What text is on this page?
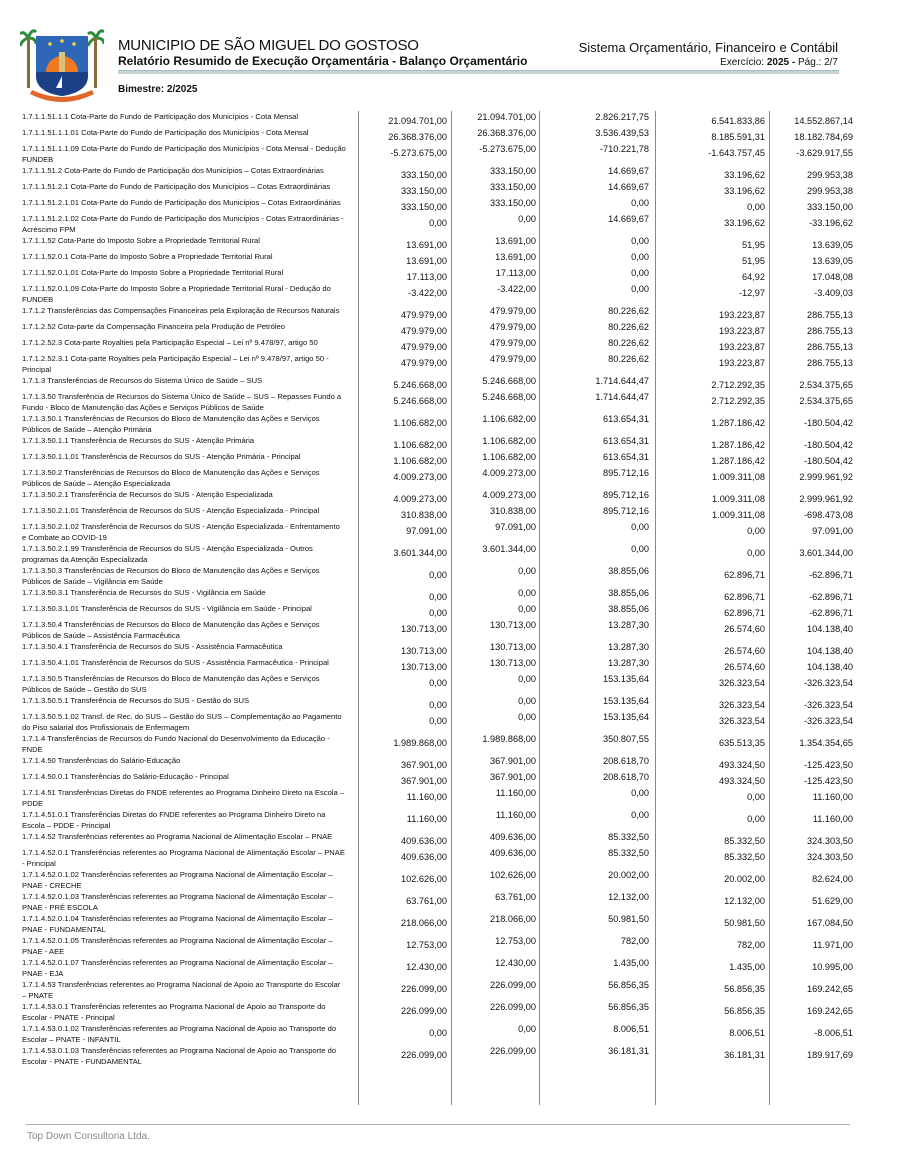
MUNICIPIO DE SÃO MIGUEL DO GOSTOSO
Relatório Resumido de Execução Orçamentária - Balanço Orçamentário
Sistema Orçamentário, Financeiro e Contábil
Exercício: 2025 - Pág.: 2/7
Bimestre: 2/2025
1.7.1.1.51.1.1 Cota-Parte do Fundo de Participação dos Municípios - Cota Mensal	21.094.701,00	21.094.701,00	2.826.217,75	6.541.833,86	14.552.867,14
1.7.1.1.51.1.1.01 Cota-Parte do Fundo de Participação dos Municípios - Cota Mensal	26.368.376,00	26.368.376,00	3.536.439,53	8.185.591,31	18.182.784,69
1.7.1.1.51.1.1.09 Cota-Parte do Fundo de Participação dos Municípios - Cota Mensal - Dedução FUNDEB
-5.273.675,00	-5.273.675,00	-710.221,78	-1.643.757,45	-3.629.917,55
1.7.1.1.51.2 Cota-Parte do Fundo de Participação dos Municípios – Cotas Extraordinárias	333.150,00	333.150,00	14.669,67	33.196,62	299.953,38
1.7.1.1.51.2.1 Cota-Parte do Fundo de Participação dos Municípios – Cotas Extraordinárias	333.150,00	333.150,00	14.669,67	33.196,62	299.953,38
1.7.1.1.51.2.1.01 Cota-Parte do Fundo de Participação dos Municípios – Cotas Extraordinárias	333.150,00	333.150,00	0,00	0,00	333.150,00
1.7.1.1.51.2.1.02 Cota-Parte do Fundo de Participação dos Municípios - Cotas Extraordinárias - Acréscimo FPM
0,00	0,00	14.669,67	33.196,62	-33.196,62
1.7.1.1.52 Cota-Parte do Imposto Sobre a Propriedade Territorial Rural	13.691,00	13.691,00	0,00	51,95	13.639,05
1.7.1.1.52.0.1 Cota-Parte do Imposto Sobre a Propriedade Territorial Rural	13.691,00	13.691,00	0,00	51,95	13.639,05
1.7.1.1.52.0.1.01 Cota-Parte do Imposto Sobre a Propriedade Territorial Rural	17.113,00	17.113,00	0,00	64,92	17.048,08
1.7.1.1.52.0.1.09 Cota-Parte do Imposto Sobre a Propriedade Territorial Rural - Dedução do FUNDEB
-3.422,00	-3.422,00	0,00	-12,97	-3.409,03
1.7.1.2 Transferências das Compensações Financeiras pela Exploração de Recursos Naturais	479.979,00	479.979,00	80.226,62	193.223,87	286.755,13
1.7.1.2.52 Cota-parte da Compensação Financeira pela Produção de Petróleo	479.979,00	479.979,00	80.226,62	193.223,87	286.755,13
1.7.1.2.52.3 Cota-parte Royalties pela Participação Especial – Lei nº 9.478/97, artigo 50	479.979,00	479.979,00	80.226,62	193.223,87	286.755,13
1.7.1.2.52.3.1 Cota-parte Royalties pela Participação Especial – Lei nº 9.478/97, artigo 50 - Principal
479.979,00	479.979,00	80.226,62	193.223,87	286.755,13
1.7.1.3 Transferências de Recursos do Sistema Único de Saúde – SUS	5.246.668,00	5.246.668,00	1.714.644,47	2.712.292,35	2.534.375,65
1.7.1.3.50 Transferência de Recursos do Sistema Único de Saúde – SUS – Repasses Fundo a Fundo - Bloco de Manutenção das Ações e Serviços Públicos de Saúde
5.246.668,00	5.246.668,00	1.714.644,47	2.712.292,35	2.534.375,65
1.7.1.3.50.1 Transferências de Recursos do Bloco de Manutenção das Ações e Serviços Públicos de Saúde – Atenção Primária
1.106.682,00	1.106.682,00	613.654,31	1.287.186,42	-180.504,42
1.7.1.3.50.1.1 Transferência de Recursos do SUS - Atenção Primária	1.106.682,00	1.106.682,00	613.654,31	1.287.186,42	-180.504,42
1.7.1.3.50.1.1.01 Transferência de Recursos do SUS - Atenção Primária - Principal	1.106.682,00	1.106.682,00	613.654,31	1.287.186,42	-180.504,42
1.7.1.3.50.2 Transferências de Recursos do Bloco de Manutenção das Ações e Serviços Públicos de Saúde – Atenção Especializada
4.009.273,00	4.009.273,00	895.712,16	1.009.311,08	2.999.961,92
1.7.1.3.50.2.1 Transferência de Recursos do SUS - Atenção Especializada	4.009.273,00	4.009.273,00	895.712,16	1.009.311,08	2.999.961,92
1.7.1.3.50.2.1.01 Transferência de Recursos do SUS - Atenção Especializada - Principal	310.838,00	310.838,00	895.712,16	1.009.311,08	-698.473,08
1.7.1.3.50.2.1.02 Transferência de Recursos do SUS - Atenção Especializada - Enfrentamento e Combate ao COVID-19
97.091,00	97.091,00	0,00	0,00	97.091,00
1.7.1.3.50.2.1.99 Transferência de Recursos do SUS - Atenção Especializada - Outros programas da Atenção Especializada
3.601.344,00	3.601.344,00	0,00	0,00	3.601.344,00
1.7.1.3.50.3 Transferências de Recursos do Bloco de Manutenção das Ações e Serviços Públicos de Saúde – Vigilância em Saúde
0,00	0,00	38.855,06	62.896,71	-62.896,71
1.7.1.3.50.3.1 Transferência de Recursos do SUS - Vigilância em Saúde	0,00	0,00	38.855,06	62.896,71	-62.896,71
1.7.1.3.50.3.1.01 Transferência de Recursos do SUS - Vigilância em Saúde - Principal	0,00	0,00	38.855,06	62.896,71	-62.896,71
1.7.1.3.50.4 Transferências de Recursos do Bloco de Manutenção das Ações e Serviços Públicos de Saúde – Assistência Farmacêutica
130.713,00	130.713,00	13.287,30	26.574,60	104.138,40
1.7.1.3.50.4.1 Transferência de Recursos do SUS - Assistência Farmacêutica	130.713,00	130.713,00	13.287,30	26.574,60	104.138,40
1.7.1.3.50.4.1.01 Transferência de Recursos do SUS - Assistência Farmacêutica - Principal	130.713,00	130.713,00	13.287,30	26.574,60	104.138,40
1.7.1.3.50.5 Transferências de Recursos do Bloco de Manutenção das Ações e Serviços Públicos de Saúde – Gestão do SUS
0,00	0,00	153.135,64	326.323,54	-326.323,54
1.7.1.3.50.5.1 Transferência de Recursos do SUS - Gestão do SUS	0,00	0,00	153.135,64	326.323,54	-326.323,54
1.7.1.3.50.5.1.02 Transf. de Rec. do SUS – Gestão do SUS – Complementação ao Pagamento do Piso salarial dos Profissionais de Enfermagem
0,00	0,00	153.135,64	326.323,54	-326.323,54
1.7.1.4 Transferências de Recursos do Fundo Nacional do Desenvolvimento da Educação -FNDE
1.989.868,00	1.989.868,00	350.807,55	635.513,35	1.354.354,65
1.7.1.4.50 Transferências do Salário-Educação	367.901,00	367.901,00	208.618,70	493.324,50	-125.423,50
1.7.1.4.50.0.1 Transferências do Salário-Educação - Principal	367.901,00	367.901,00	208.618,70	493.324,50	-125.423,50
1.7.1.4.51 Transferências Diretas do FNDE referentes ao Programa Dinheiro Direto na Escola – PDDE
11.160,00	11.160,00	0,00	0,00	11.160,00
1.7.1.4.51.0.1 Transferências Diretas do FNDE referentes ao Programa Dinheiro Direto na Escola – PDDE - Principal
11.160,00	11.160,00	0,00	0,00	11.160,00
1.7.1.4.52 Transferências referentes ao Programa Nacional de Alimentação Escolar – PNAE	409.636,00	409.636,00	85.332,50	85.332,50	324.303,50
1.7.1.4.52.0.1 Transferências referentes ao Programa Nacional de Alimentação Escolar – PNAE - Principal
409.636,00	409.636,00	85.332,50	85.332,50	324.303,50
1.7.1.4.52.0.1.02 Transferências referentes ao Programa Nacional de Alimentação Escolar – PNAE - CRECHE
102.626,00	102.626,00	20.002,00	20.002,00	82.624,00
1.7.1.4.52.0.1.03 Transferências referentes ao Programa Nacional de Alimentação Escolar – PNAE - PRÉ ESCOLA
63.761,00	63.761,00	12.132,00	12.132,00	51.629,00
1.7.1.4.52.0.1.04 Transferências referentes ao Programa Nacional de Alimentação Escolar – PNAE - FUNDAMENTAL
218.066,00	218.066,00	50.981,50	50.981,50	167.084,50
1.7.1.4.52.0.1.05 Transferências referentes ao Programa Nacional de Alimentação Escolar – PNAE - AEE
12.753,00	12.753,00	782,00	782,00	11.971,00
1.7.1.4.52.0.1.07 Transferências referentes ao Programa Nacional de Alimentação Escolar – PNAE - EJA
12.430,00	12.430,00	1.435,00	1.435,00	10.995,00
1.7.1.4.53 Transferências referentes ao Programa Nacional de Apoio ao Transporte do Escolar – PNATE
226.099,00	226.099,00	56.856,35	56.856,35	169.242,65
1.7.1.4.53.0.1 Transferências referentes ao Programa Nacional de Apoio ao Transporte do Escolar - PNATE - Principal
226.099,00	226.099,00	56.856,35	56.856,35	169.242,65
1.7.1.4.53.0.1.02 Transferências referentes ao Programa Nacional de Apoio ao Transporte do Escolar – PNATE - INFANTIL
0,00	0,00	8.006,51	8.006,51	-8.006,51
1.7.1.4.53.0.1.03 Transferências referentes ao Programa Nacional de Apoio ao Transporte do Escolar - PNATE - FUNDAMENTAL
226.099,00	226.099,00	36.181,31	36.181,31	189.917,69
Top Down Consultoria Ltda.
